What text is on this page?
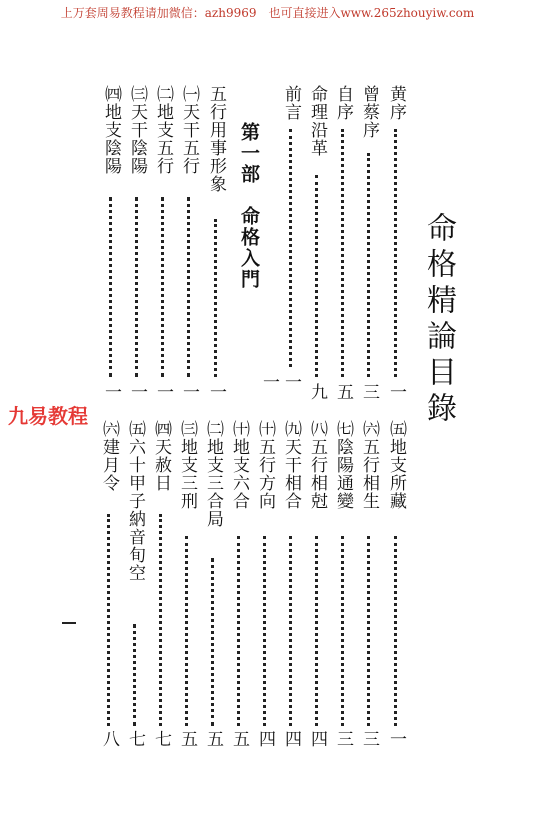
上万套周易教程请加微信：azh9969　也可直接进入www.265zhouyiw.com
命格精論目錄
黄序
一
曾蔡序
三
自序
五
命理沿革
九
前言
一一
第一部　命格入門
五行用事形象
一
㈠天干五行
一
㈡地支五行
一
㈢天干陰陽
一
㈣地支陰陽
一
㈤地支所藏
一
㈥五行相生
三
㈦陰陽通變
三
㈧五行相尅
四
㈨天干相合
四
㈩五行方向
四
㈩地支六合
五
㈡地支三合局
五
㈢地支三刑
五
㈣天赦日
七
㈤六十甲子納音旬空
七
㈥建月令
八
九易教程
